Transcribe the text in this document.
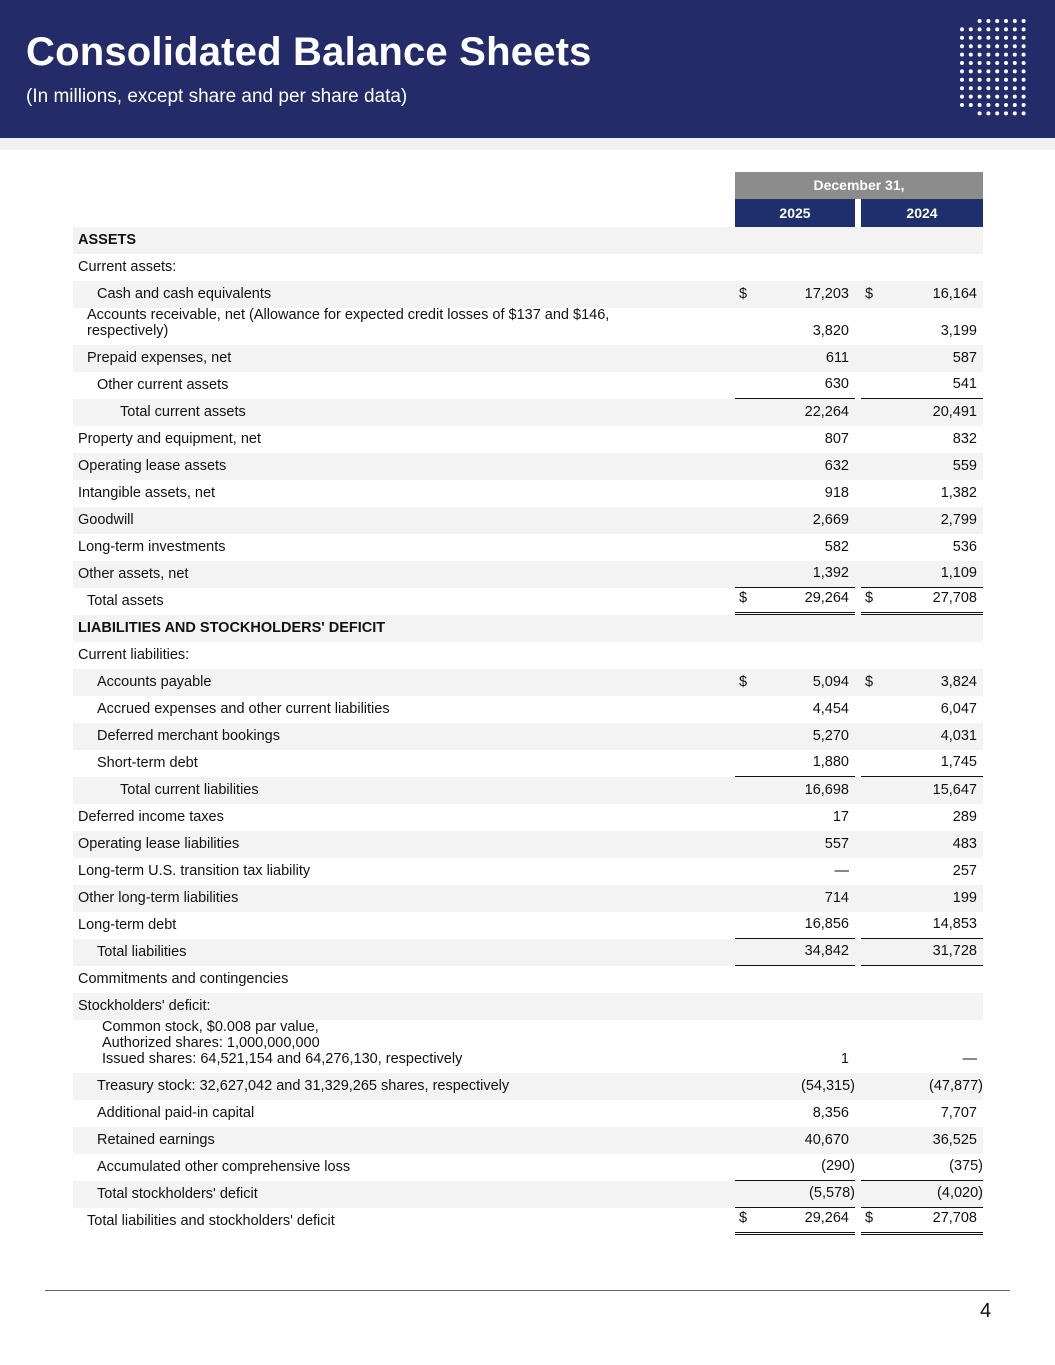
Consolidated Balance Sheets
(In millions, except share and per share data)
December 31,
2025	2024
ASSETS
Current assets:
Cash and cash equivalents	$	17,203 $	16,164
Accounts receivable, net (Allowance for expected credit losses of $137 and $146,
respectively)	3,820	3,199
Prepaid expenses, net	611	587
Other current assets	630	541
Total current assets	22,264	20,491
Property and equipment, net	807	832
Operating lease assets	632	559
Intangible assets, net	918	1,382
Goodwill	2,669	2,799
Long-term investments	582	536
Other assets, net	1,392	1,109
Total assets	$	29,264 $	27,708
LIABILITIES AND STOCKHOLDERS' DEFICIT
Current liabilities:
Accounts payable	$	5,094 $	3,824
Accrued expenses and other current liabilities	4,454	6,047
Deferred merchant bookings	5,270	4,031
Short-term debt	1,880	1,745
Total current liabilities	16,698	15,647
Deferred income taxes	17	289
Operating lease liabilities	557	483
Long-term U.S. transition tax liability	—	257
Other long-term liabilities	714	199
Long-term debt	16,856	14,853
Total liabilities	34,842	31,728
Commitments and contingencies
Stockholders' deficit:
Common stock, $0.008 par value,
Authorized shares: 1,000,000,000
Issued shares: 64,521,154 and 64,276,130, respectively	1	—
Treasury stock: 32,627,042 and 31,329,265 shares, respectively	(54,315)	(47,877)
Additional paid-in capital	8,356	7,707
Retained earnings	40,670	36,525
Accumulated other comprehensive loss	(290)	(375)
Total stockholders' deficit	(5,578)	(4,020)
Total liabilities and stockholders' deficit	$	29,264 $	27,708
4
